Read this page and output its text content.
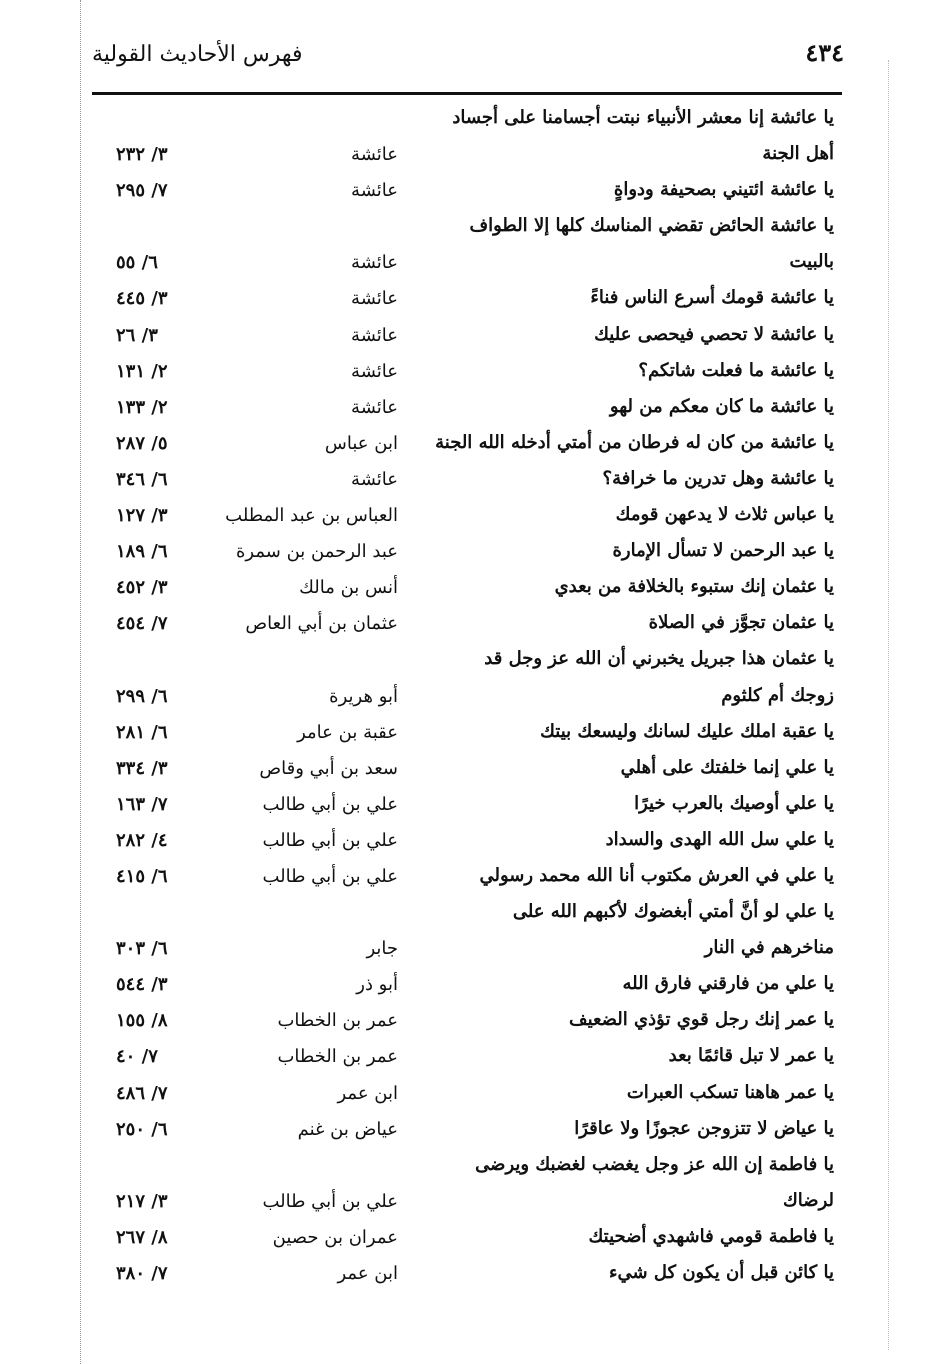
فهرس الأحاديث القولية	٤٣٤
يا عائشة إنا معشر الأنبياء نبتت أجسامنا على أجساد
أهل الجنة
عائشة
٣/ ٢٣٢
يا عائشة ائتيني بصحيفة ودواةٍ
عائشة
٧/ ٢٩٥
يا عائشة الحائض تقضي المناسك كلها إلا الطواف
بالبيت
عائشة
٦/ ٥٥
يا عائشة قومك أسرع الناس فناءً
عائشة
٣/ ٤٤٥
يا عائشة لا تحصي فيحصى عليك
عائشة
٣/ ٢٦
يا عائشة ما فعلت شاتكم؟
عائشة
٢/ ١٣١
يا عائشة ما كان معكم من لهو
عائشة
٢/ ١٣٣
يا عائشة من كان له فرطان من أمتي أدخله الله الجنة
ابن عباس
٥/ ٢٨٧
يا عائشة وهل تدرين ما خرافة؟
عائشة
٦/ ٣٤٦
يا عباس ثلاث لا يدعهن قومك
العباس بن عبد المطلب
٣/ ١٢٧
يا عبد الرحمن لا تسأل الإمارة
عبد الرحمن بن سمرة
٦/ ١٨٩
يا عثمان إنك ستبوء بالخلافة من بعدي
أنس بن مالك
٣/ ٤٥٢
يا عثمان تجوَّز في الصلاة
عثمان بن أبي العاص
٧/ ٤٥٤
يا عثمان هذا جبريل يخبرني أن الله عز وجل قد
زوجك أم كلثوم
أبو هريرة
٦/ ٢٩٩
يا عقبة املك عليك لسانك وليسعك بيتك
عقبة بن عامر
٦/ ٢٨١
يا علي إنما خلفتك على أهلي
سعد بن أبي وقاص
٣/ ٣٣٤
يا علي أوصيك بالعرب خيرًا
علي بن أبي طالب
٧/ ١٦٣
يا علي سل الله الهدى والسداد
علي بن أبي طالب
٤/ ٢٨٢
يا علي في العرش مكتوب أنا الله محمد رسولي
علي بن أبي طالب
٦/ ٤١٥
يا علي لو أنَّ أمتي أبغضوك لأكبهم الله على
مناخرهم في النار
جابر
٦/ ٣٠٣
يا علي من فارقني فارق الله
أبو ذر
٣/ ٥٤٤
يا عمر إنك رجل قوي تؤذي الضعيف
عمر بن الخطاب
٨/ ١٥٥
يا عمر لا تبل قائمًا بعد
عمر بن الخطاب
٧/ ٤٠
يا عمر هاهنا تسكب العبرات
ابن عمر
٧/ ٤٨٦
يا عياض لا تتزوجن عجوزًا ولا عاقرًا
عياض بن غنم
٦/ ٢٥٠
يا فاطمة إن الله عز وجل يغضب لغضبك ويرضى
لرضاك
علي بن أبي طالب
٣/ ٢١٧
يا فاطمة قومي فاشهدي أضحيتك
عمران بن حصين
٨/ ٢٦٧
يا كائن قبل أن يكون كل شيء
ابن عمر
٧/ ٣٨٠
